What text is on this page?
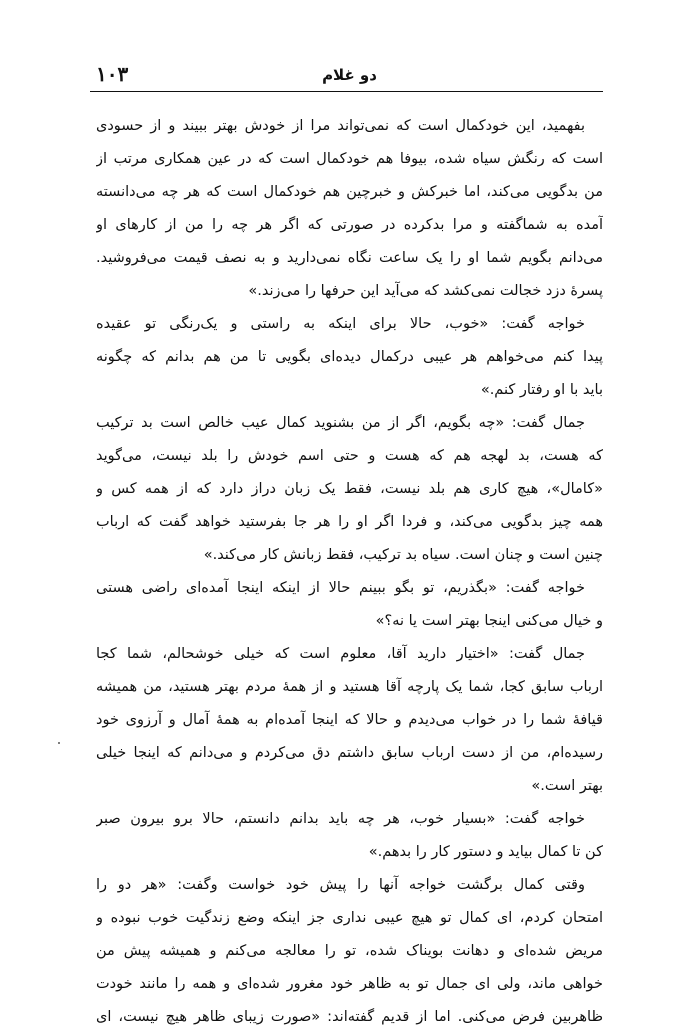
۱۰۳	دو غلام
بفهمید، این خودکمال است که نمی‌تواند مرا از خودش بهتر ببیند و از حسودی
است که رنگش سیاه شده، بیوفا هم خودکمال است که در عین همکاری مرتب از
من بدگویی می‌کند، اما خبرکش و خبرچین هم خودکمال است که هر چه می‌دانسته
آمده به شماگفته و مرا بدکرده در صورتی که اگر هر چه را من از کارهای او
می‌دانم بگویم شما او را یک ساعت نگاه نمی‌دارید و به نصف قیمت می‌فروشید.
پسرهٔ دزد خجالت نمی‌کشد که می‌آید این حرفها را می‌زند.»
خواجه گفت: «خوب، حالا برای اینکه به راستی و یک‌رنگی تو عقیده
پیدا کنم می‌خواهم هر عیبی درکمال دیده‌ای بگویی تا من هم بدانم که چگونه
باید با او رفتار کنم.»
جمال گفت: «چه بگویم، اگر از من بشنوید کمال عیب خالص است بد ترکیب
که هست، بد لهجه هم که هست و حتی اسم خودش را بلد نیست، می‌گوید
«کامال»، هیچ کاری هم بلد نیست، فقط یک زبان دراز دارد که از همه کس و
همه چیز بدگویی می‌کند، و فردا اگر او را هر جا بفرستید خواهد گفت که ارباب
چنین است و چنان است. سیاه بد ترکیب، فقط زبانش کار می‌کند.»
خواجه گفت: «بگذریم، تو بگو ببینم حالا از اینکه اینجا آمده‌ای راضی هستی
و خیال می‌کنی اینجا بهتر است یا نه؟»
جمال گفت: «اختیار دارید آقا، معلوم است که خیلی خوشحالم، شما کجا
ارباب سابق کجا، شما یک پارچه آقا هستید و از همهٔ مردم بهتر هستید، من همیشه
قیافهٔ شما را در خواب می‌دیدم و حالا که اینجا آمده‌ام به همهٔ آمال و آرزوی خود
رسیده‌ام، من از دست ارباب سابق داشتم دق می‌کردم و می‌دانم که اینجا خیلی
بهتر است.»
خواجه گفت: «بسیار خوب، هر چه باید بدانم دانستم، حالا برو بیرون صبر
کن تا کمال بیاید و دستور کار را بدهم.»
وقتی کمال برگشت خواجه آنها را پیش خود خواست وگفت: «هر دو را
امتحان کردم، ای کمال تو هیچ عیبی نداری جز اینکه وضع زندگیت خوب نبوده و
مریض شده‌ای و دهانت بویناک شده، تو را معالجه می‌کنم و همیشه پیش من
خواهی ماند، ولی ای جمال تو به ظاهر خود مغرور شده‌ای و همه را مانند خودت
ظاهربین فرض می‌کنی. اما از قدیم گفته‌اند: «صورت زیبای ظاهر هیچ نیست، ای
